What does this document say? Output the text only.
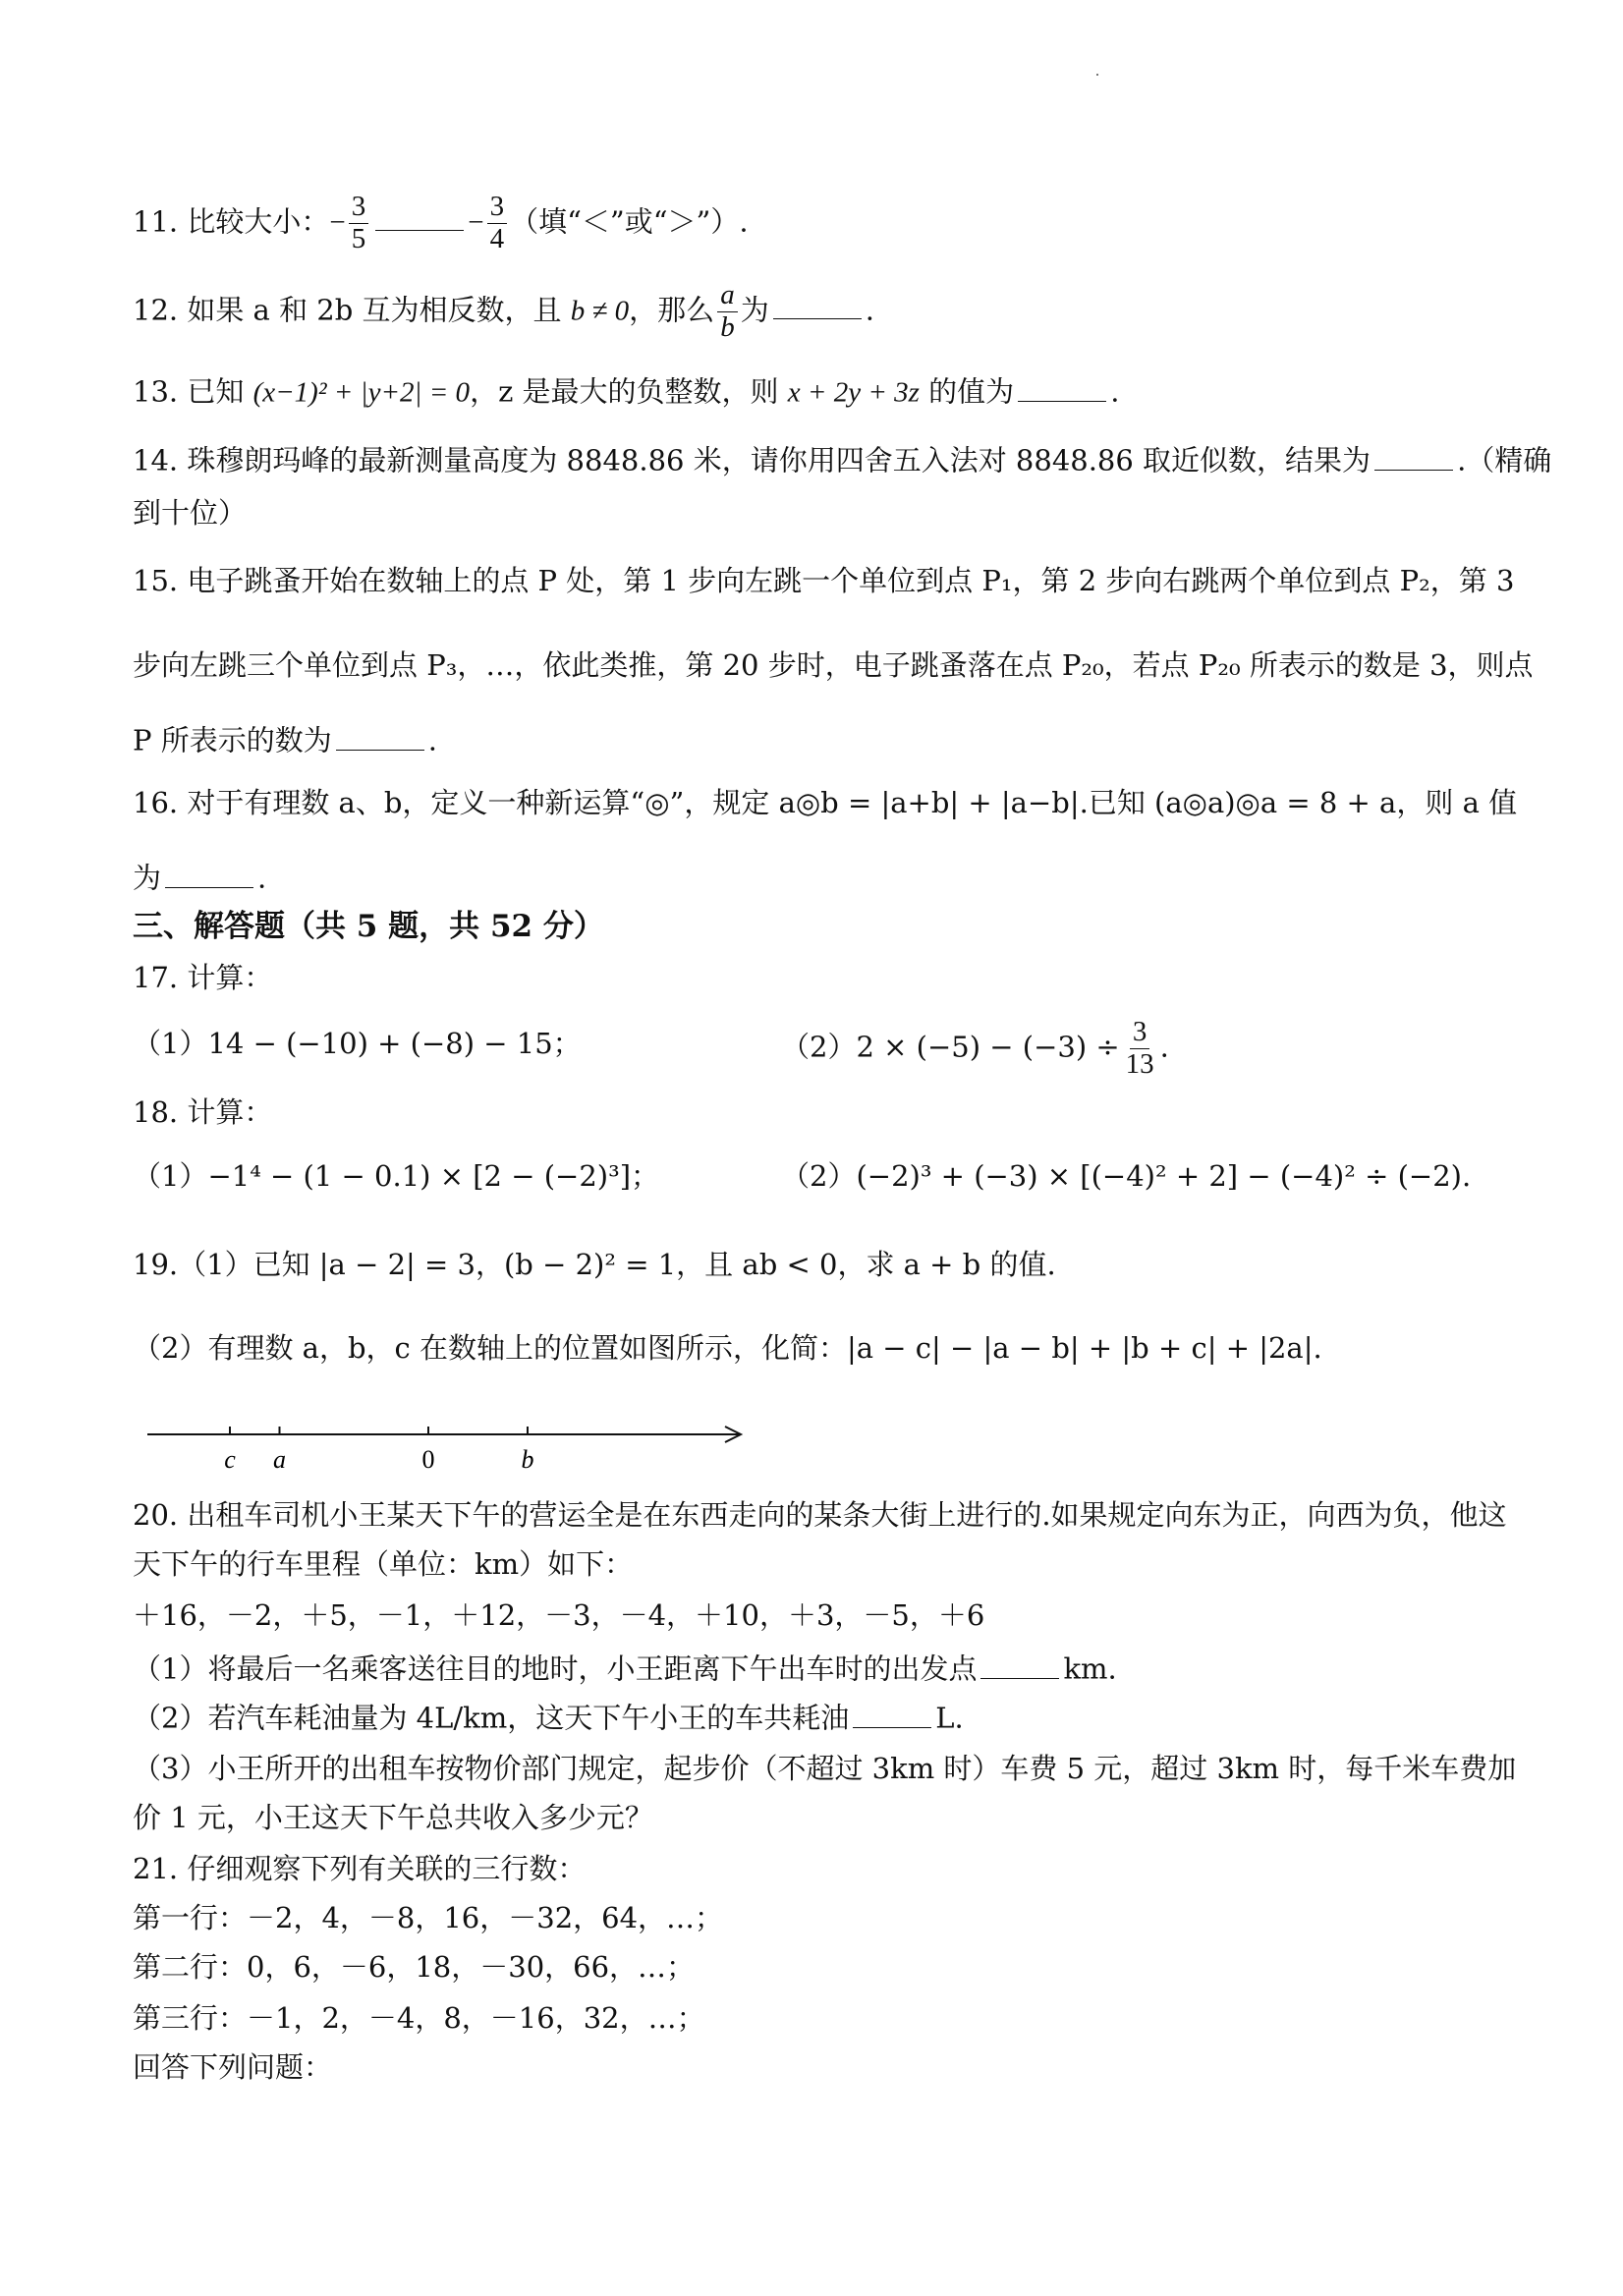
11. 比较大小：− $\frac{3}{5}$	− $\frac{3}{4}$ （填“＜”或“＞”）.
12. 如果 a 和 2b 互为相反数，且 b ≠ 0，那么 $\frac{a}{b}$ 为	.
13. 已知 (x−1)² + |y+2| = 0，z 是最大的负整数，则 x + 2y + 3z 的值为	.
14. 珠穆朗玛峰的最新测量高度为 8848.86 米，请你用四舍五入法对 8848.86 取近似数，结果为	.（精确
到十位）
15. 电子跳蚤开始在数轴上的点 P 处，第 1 步向左跳一个单位到点 P₁，第 2 步向右跳两个单位到点 P₂，第 3
步向左跳三个单位到点 P₃，…，依此类推，第 20 步时，电子跳蚤落在点 P₂₀，若点 P₂₀ 所表示的数是 3，则点
P 所表示的数为	.
16. 对于有理数 a、b，定义一种新运算“◎”，规定 a◎b = |a+b| + |a−b|.已知 (a◎a)◎a = 8 + a，则 a 值
为	.
三、解答题（共 5 题，共 52 分）
17. 计算：
（1）14 − (−10) + (−8) − 15；	$(2)2 \times (-5) - (-3) \div \frac{3}{13}$ .
18. 计算：
（1）−1⁴ − (1 − 0.1) × [2 − (−2)³]；	（2）(−2)³ + (−3) × [(−4)² + 2] − (−4)² ÷ (−2).
19.（1）已知 |a − 2| = 3，(b − 2)² = 1，且 ab < 0，求 a + b 的值.
（2）有理数 a，b，c 在数轴上的位置如图所示，化简：|a − c| − |a − b| + |b + c| + |2a|.
c a	0	b
20. 出租车司机小王某天下午的营运全是在东西走向的某条大街上进行的.如果规定向东为正，向西为负，他这
天下午的行车里程（单位：km）如下：
＋16，－2，＋5，－1，＋12，－3，－4，＋10，＋3，－5，＋6
（1）将最后一名乘客送往目的地时，小王距离下午出车时的出发点	km.
（2）若汽车耗油量为 4L/km，这天下午小王的车共耗油	L.
（3）小王所开的出租车按物价部门规定，起步价（不超过 3km 时）车费 5 元，超过 3km 时，每千米车费加
价 1 元，小王这天下午总共收入多少元？
21. 仔细观察下列有关联的三行数：
第一行：－2，4，－8，16，－32，64，…；
第二行：0，6，－6，18，－30，66，…；
第三行：－1，2，－4，8，－16，32，…；
回答下列问题：
